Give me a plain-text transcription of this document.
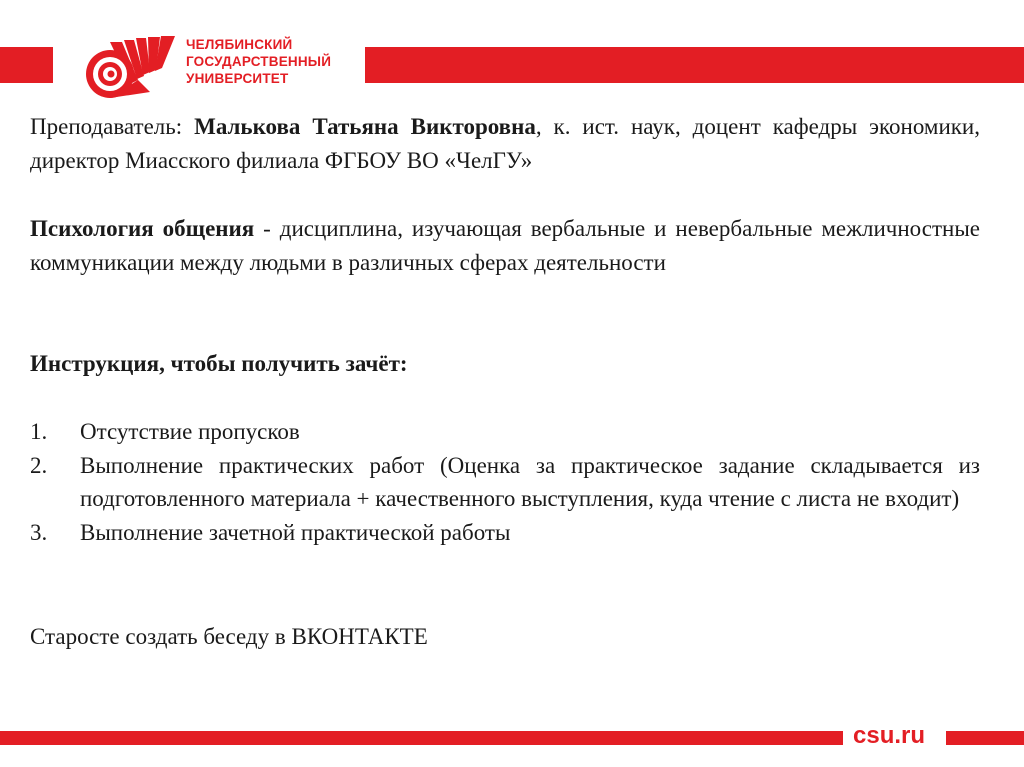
ЧЕЛЯБИНСКИЙ
ГОСУДАРСТВЕННЫЙ
УНИВЕРСИТЕТ
Преподаватель: Малькова Татьяна Викторовна, к. ист. наук, доцент кафедры экономики, директор Миасского филиала ФГБОУ ВО «ЧелГУ»
Психология общения - дисциплина, изучающая вербальные и невербальные межличностные коммуникации между людьми в различных сферах деятельности
Инструкция, чтобы получить зачёт:
1. Отсутствие пропусков
2. Выполнение практических работ (Оценка за практическое задание складывается из подготовленного материала + качественного выступления, куда чтение с листа не входит)
3. Выполнение зачетной практической работы
Старосте создать беседу в ВКОНТАКТЕ
csu.ru
